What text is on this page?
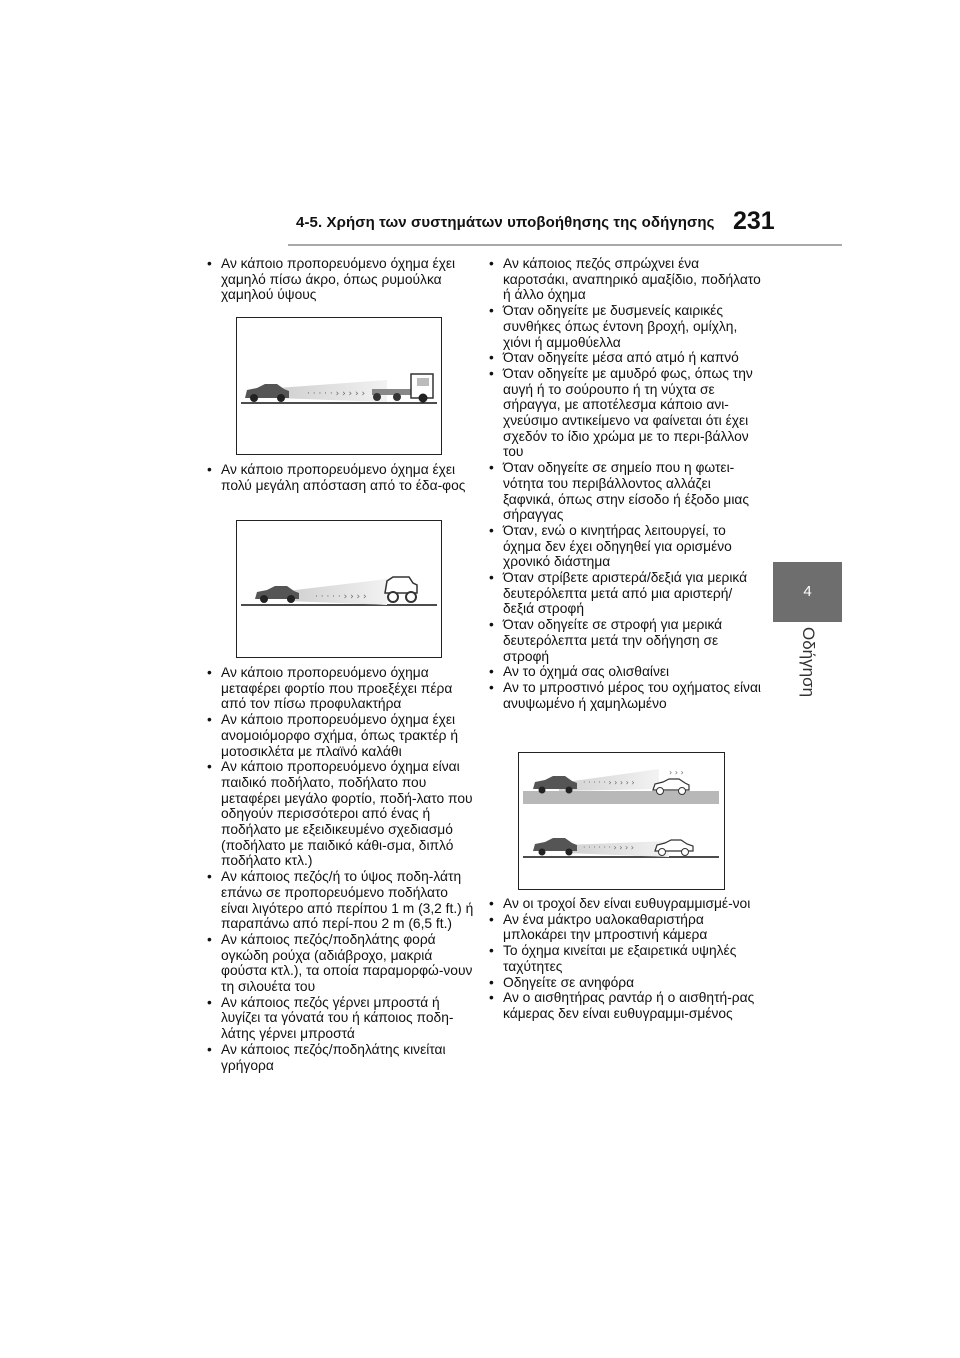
4-5. Χρήση των συστημάτων υποβοήθησης της οδήγησης 231
4
Οδήγηση
• Αν κάποιο προπορευόμενο όχημα έχει χαμηλό πίσω άκρο, όπως ρυμούλκα χαμηλού ύψους
· · · · · › › › › ›
• Αν κάποιο προπορευόμενο όχημα έχει πολύ μεγάλη απόσταση από το έδα-φος
· · · · · › › › ›
• Αν κάποιο προπορευόμενο όχημα μεταφέρει φορτίο που προεξέχει πέρα από τον πίσω προφυλακτήρα
• Αν κάποιο προπορευόμενο όχημα έχει ανομοιόμορφο σχήμα, όπως τρακτέρ ή μοτοσικλέτα με πλαϊνό καλάθι
• Αν κάποιο προπορευόμενο όχημα είναι παιδικό ποδήλατο, ποδήλατο που μεταφέρει μεγάλο φορτίο, ποδή-λατο που οδηγούν περισσότεροι από ένας ή ποδήλατο με εξειδικευμένο σχεδιασμό (ποδήλατο με παιδικό κάθι-σμα, διπλό ποδήλατο κτλ.)
• Αν κάποιος πεζός/ή το ύψος ποδη-λάτη επάνω σε προπορευόμενο ποδήλατο είναι λιγότερο από περίπου 1 m (3,2 ft.) ή παραπάνω από περί-που 2 m (6,5 ft.)
• Αν κάποιος πεζός/ποδηλάτης φορά ογκώδη ρούχα (αδιάβροχο, μακριά φούστα κτλ.), τα οποία παραμορφώ-νουν τη σιλουέτα του
• Αν κάποιος πεζός γέρνει μπροστά ή λυγίζει τα γόνατά του ή κάποιος ποδη-λάτης γέρνει μπροστά
• Αν κάποιος πεζός/ποδηλάτης κινείται γρήγορα
• Αν κάποιος πεζός σπρώχνει ένα καροτσάκι, αναπηρικό αμαξίδιο, ποδήλατο ή άλλο όχημα
• Όταν οδηγείτε με δυσμενείς καιρικές συνθήκες όπως έντονη βροχή, ομίχλη, χιόνι ή αμμοθύελλα
• Όταν οδηγείτε μέσα από ατμό ή καπνό
• Όταν οδηγείτε με αμυδρό φως, όπως την αυγή ή το σούρουπο ή τη νύχτα σε σήραγγα, με αποτέλεσμα κάποιο ανι-χνεύσιμο αντικείμενο να φαίνεται ότι έχει σχεδόν το ίδιο χρώμα με το περι-βάλλον του
• Όταν οδηγείτε σε σημείο που η φωτει-νότητα του περιβάλλοντος αλλάζει ξαφνικά, όπως στην είσοδο ή έξοδο μιας σήραγγας
• Όταν, ενώ ο κινητήρας λειτουργεί, το όχημα δεν έχει οδηγηθεί για ορισμένο χρονικό διάστημα
• Όταν στρίβετε αριστερά/δεξιά για μερικά δευτερόλεπτα μετά από μια αριστερή/δεξιά στροφή
• Όταν οδηγείτε σε στροφή για μερικά δευτερόλεπτα μετά την οδήγηση σε στροφή
• Αν το όχημά σας ολισθαίνει
• Αν το μπροστινό μέρος του οχήματος είναι ανυψωμένο ή χαμηλωμένο
· · · · · › › › › ›
› › ›
· · · · · · › › › ›
• Αν οι τροχοί δεν είναι ευθυγραμμισμέ-νοι
• Αν ένα μάκτρο υαλοκαθαριστήρα μπλοκάρει την μπροστινή κάμερα
• Το όχημα κινείται με εξαιρετικά υψηλές ταχύτητες
• Οδηγείτε σε ανηφόρα
• Αν ο αισθητήρας ραντάρ ή ο αισθητή-ρας κάμερας δεν είναι ευθυγραμμι-σμένος
